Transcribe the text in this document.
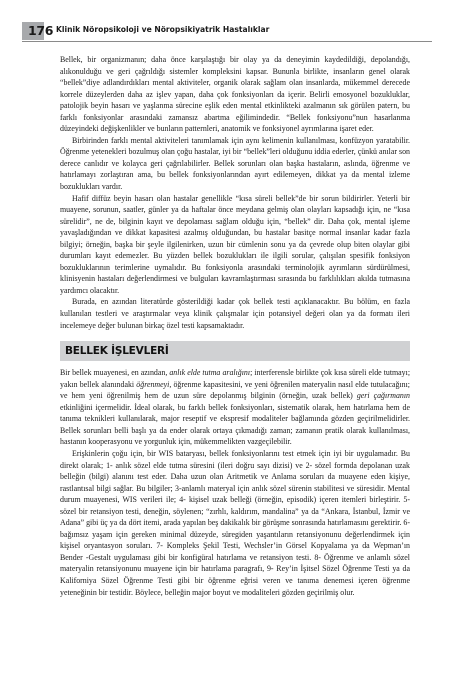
176 Klinik Nöropsikoloji ve Nöropsikiyatrik Hastalıklar

Bellek, bir organizmanın; daha önce karşılaştığı bir olay ya da deneyimin kaydedildiği, depolandığı, alıkonulduğu ve geri çağrıldığı sistemler kompleksini kapsar. Bununla birlikte, insanların genel olarak “bellek”diye adlandırdıkları mental aktiviteler, organik olarak sağlam olan insanlarda, mükemmel derecede korrele düzeylerden daha az işlev yapan, daha çok fonksiyonları da içerir. Belirli emosyonel bozukluklar, patolojik beyin hasarı ve yaşlanma sürecine eşlik eden mental etkinlikteki azalmanın sık görülen patern, bu farklı fonksiyonlar arasındaki zamansız abartma eğilimindedir. “Bellek fonksiyonu”nun hasarlanma düzeyindeki değişkenlikler ve bunların patternleri, anatomik ve fonksiyonel ayrımlarına işaret eder.

Birbirinden farklı mental aktiviteleri tanımlamak için aynı kelimenin kullanılması, konfüzyon yaratabilir. Öğrenme yetenekleri bozulmuş olan çoğu hastalar, iyi bir “bellek”leri olduğunu iddia ederler, çünkü anılar son derece canlıdır ve kolayca geri çağrılabilirler. Bellek sorunları olan başka hastaların, aslında, öğrenme ve hatırlamayı zorlaştıran ama, bu bellek fonksiyonlarından ayırt edilemeyen, dikkat ya da mental izleme bozuklukları vardır.

Hafif diffüz beyin hasarı olan hastalar genellikle “kısa süreli bellek”de bir sorun bildirirler. Yeterli bir muayene, sorunun, saatler, günler ya da haftalar önce meydana gelmiş olan olayları kapsadığı için, ne “kısa sürelidir”, ne de, bilginin kayıt ve depolaması sağlam olduğu için, “bellek” dir. Daha çok, mental işleme yavaşladığından ve dikkat kapasitesi azalmış olduğundan, bu hastalar basitçe normal insanlar kadar fazla bilgiyi; örneğin, başka bir şeyle ilgilenirken, uzun bir cümlenin sonu ya da çevrede olup biten olaylar gibi durumları kayıt edemezler. Bu yüzden bellek bozuklukları ile ilgili sorular, çalışılan spesifik fonksiyon bozukluklarının terimlerine uymalıdır. Bu fonksiyonla arasındaki terminolojik ayrımların sürdürülmesi, klinisyenin hastaları değerlendirmesi ve bulguları kavramlaştırması sırasında bu farklılıkları akılda tutmasına yardımcı olacaktır.

Burada, en azından literatürde gösterildiği kadar çok bellek testi açıklanacaktır. Bu bölüm, en fazla kullanılan testleri ve araştırmalar veya klinik çalışmalar için potansiyel değeri olan ya da formatı ileri incelemeye değer bulunan birkaç özel testi kapsamaktadır.

BELLEK İŞLEVLERİ

Bir bellek muayenesi, en azından, anlık elde tutma aralığını; interferensle birlikte çok kısa süreli elde tutmayı; yakın bellek alanındaki öğrenmeyi, öğrenme kapasitesini, ve yeni öğrenilen materyalin nasıl elde tutulacağını; ve hem yeni öğrenilmiş hem de uzun süre depolanmış bilginin (örneğin, uzak bellek) geri çağırmanın etkinliğini içermelidir. İdeal olarak, bu farklı bellek fonksiyonları, sistematik olarak, hem hatırlama hem de tanıma teknikleri kullanılarak, major reseptif ve ekspresif modaliteler bağlamında gözden geçirilmelidirler. Bellek sorunları belli başlı ya da ender olarak ortaya çıkmadığı zaman; zamanın pratik olarak kullanılması, hastanın kooperasyonu ve yorgunluk için, mükemmelikten vazgeçilebilir.

Erişkinlerin çoğu için, bir WIS bataryası, bellek fonksiyonlarını test etmek için iyi bir uygulamadır. Bu direkt olarak; 1- anlık sözel elde tutma süresini (ileri doğru sayı dizisi) ve 2- sözel formda depolanan uzak belleğin (bilgi) alanını test eder. Daha uzun olan Aritmetik ve Anlama soruları da muayene eden kişiye, rastlantısal bilgi sağlar. Bu bilgiler; 3-anlamlı materyal için anlık sözel sürenin stabilitesi ve süresidir. Mental durum muayenesi, WIS verileri ile; 4- kişisel uzak belleği (örneğin, episodik) içeren itemleri birleştirir. 5- sözel bir retansiyon testi, deneğin, söylenen; “zırhlı, kaldırım, mandalina” ya da “Ankara, İstanbul, İzmir ve Adana” gibi üç ya da dört itemi, arada yapılan beş dakikalık bir görüşme sonrasında hatırlamasını gerektirir. 6- bağımsız yaşam için gereken minimal düzeyde, süregiden yaşantıların retansiyonunu değerlendirmek için kişisel oryantasyon soruları. 7- Kompleks Şekil Testi, Wechsler’in Görsel Kopyalama ya da Wepman’ın Bender -Gestalt uygulaması gibi bir konfigüral hatırlama ve retansiyon testi. 8- Öğrenme ve anlamlı sözel materyalin retansiyonunu muayene için bir hatırlama paragrafı, 9- Rey’in İşitsel Sözel Öğrenme Testi ya da Kaliforniya Sözel Öğrenme Testi gibi bir öğrenme eğrisi veren ve tanıma denemesi içeren öğrenme yeteneğinin bir testidir. Böylece, belleğin major boyut ve modaliteleri gözden geçirilmiş olur.
